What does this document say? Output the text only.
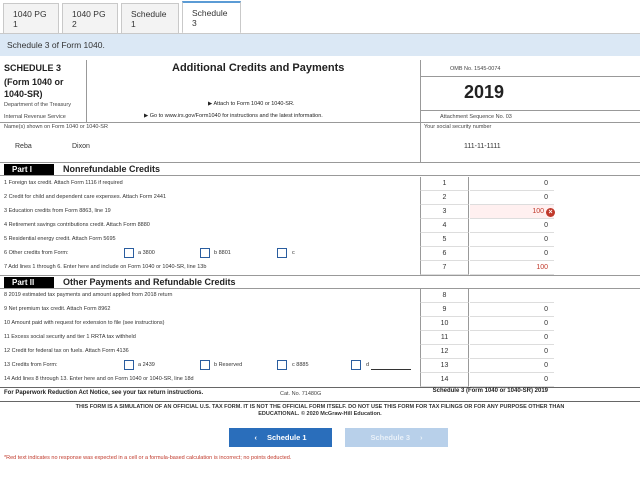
1040 PG 1
1040 PG 2
Schedule 1
Schedule 3
Schedule 3 of Form 1040.
SCHEDULE 3
(Form 1040 or 1040-SR)
Department of the Treasury
Internal Revenue Service
Additional Credits and Payments
▶ Attach to Form 1040 or 1040-SR.
▶ Go to www.irs.gov/Form1040 for instructions and the latest information.
OMB No. 1545-0074
2019
Attachment Sequence No. 03
Name(s) shown on Form 1040 or 1040-SR	Your social security number
Reba	Dixon	111-11-1111
Part I	Nonrefundable Credits
1 Foreign tax credit. Attach Form 1116 if required	1	0
2 Credit for child and dependent care expenses. Attach Form 2441	2	0
3 Education credits from Form 8863, line 19	3	100 ×
4 Retirement savings contributions credit. Attach Form 8880	4	0
5 Residential energy credit. Attach Form 5695	5	0
6 Other credits from Form:	a 3800	b 8801	c	6	0
7 Add lines 1 through 6. Enter here and include on Form 1040 or 1040-SR, line 13b	7	100
Part II	Other Payments and Refundable Credits
8 2019 estimated tax payments and amount applied from 2018 return	8
9 Net premium tax credit. Attach Form 8962	9	0
10 Amount paid with request for extension to file (see instructions)	10	0
11 Excess social security and tier 1 RRTA tax withheld	11	0
12 Credit for federal tax on fuels. Attach Form 4136	12	0
13 Credits from Form:	a 2439	b Reserved	c 8885	d	13	0
14 Add lines 8 through 13. Enter here and on Form 1040 or 1040-SR, line 18d	14	0
For Paperwork Reduction Act Notice, see your tax return instructions.	Cat. No. 71480G	Schedule 3 (Form 1040 or 1040-SR) 2019
THIS FORM IS A SIMULATION OF AN OFFICIAL U.S. TAX FORM. IT IS NOT THE OFFICIAL FORM ITSELF. DO NOT USE THIS FORM FOR TAX FILINGS OR FOR ANY PURPOSE OTHER THAN EDUCATIONAL. © 2020 McGraw-Hill Education.
‹ Schedule 1	Schedule 3 ›
*Red text indicates no response was expected in a cell or a formula-based calculation is incorrect; no points deducted.
